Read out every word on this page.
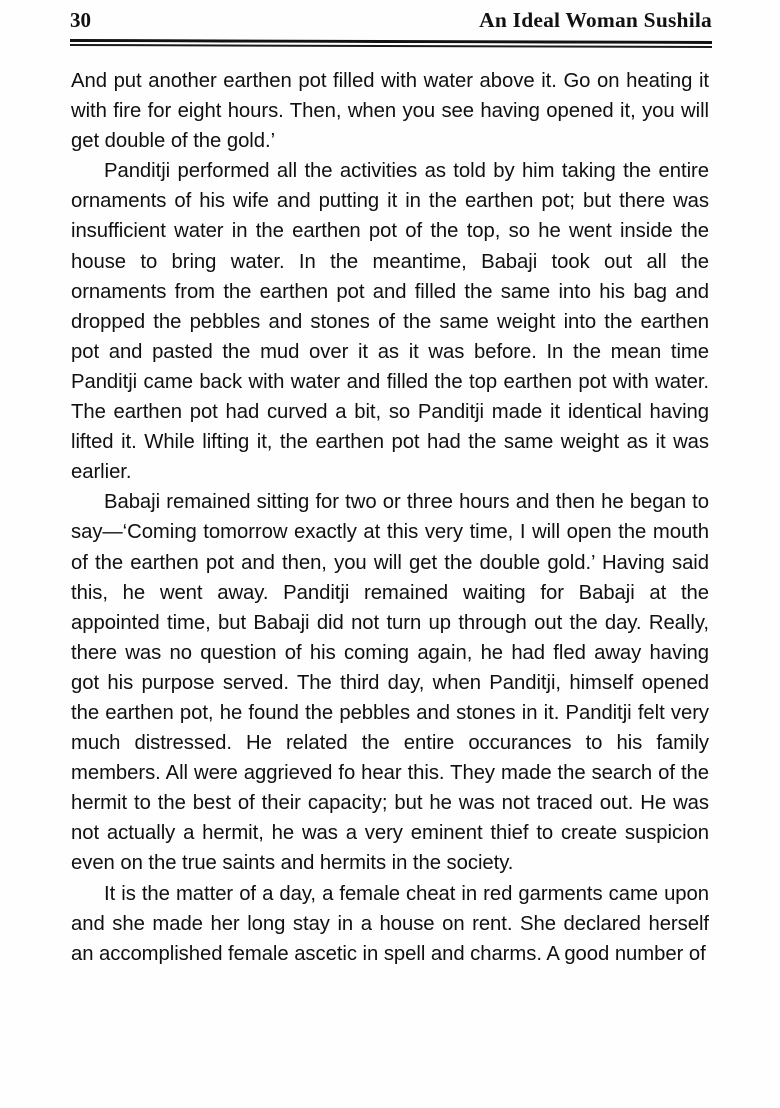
30	An Ideal Woman Sushila

And put another earthen pot filled with water above it. Go on heating it with fire for eight hours. Then, when you see having opened it, you will get double of the gold.’

Panditji performed all the activities as told by him taking the entire ornaments of his wife and putting it in the earthen pot; but there was insufficient water in the earthen pot of the top, so he went inside the house to bring water. In the meantime, Babaji took out all the ornaments from the earthen pot and filled the same into his bag and dropped the pebbles and stones of the same weight into the earthen pot and pasted the mud over it as it was before. In the mean time Panditji came back with water and filled the top earthen pot with water. The earthen pot had curved a bit, so Panditji made it identical having lifted it. While lifting it, the earthen pot had the same weight as it was earlier.

Babaji remained sitting for two or three hours and then he began to say—‘Coming tomorrow exactly at this very time, I will open the mouth of the earthen pot and then, you will get the double gold.’ Having said this, he went away. Panditji remained waiting for Babaji at the appointed time, but Babaji did not turn up through out the day. Really, there was no question of his coming again, he had fled away having got his purpose served. The third day, when Panditji, himself opened the earthen pot, he found the pebbles and stones in it. Panditji felt very much distressed. He related the entire occurances to his family members. All were aggrieved fo hear this. They made the search of the hermit to the best of their capacity; but he was not traced out. He was not actually a hermit, he was a very eminent thief to create suspicion even on the true saints and hermits in the society.

It is the matter of a day, a female cheat in red garments came upon and she made her long stay in a house on rent. She declared herself an accomplished female ascetic in spell and charms. A good number of
